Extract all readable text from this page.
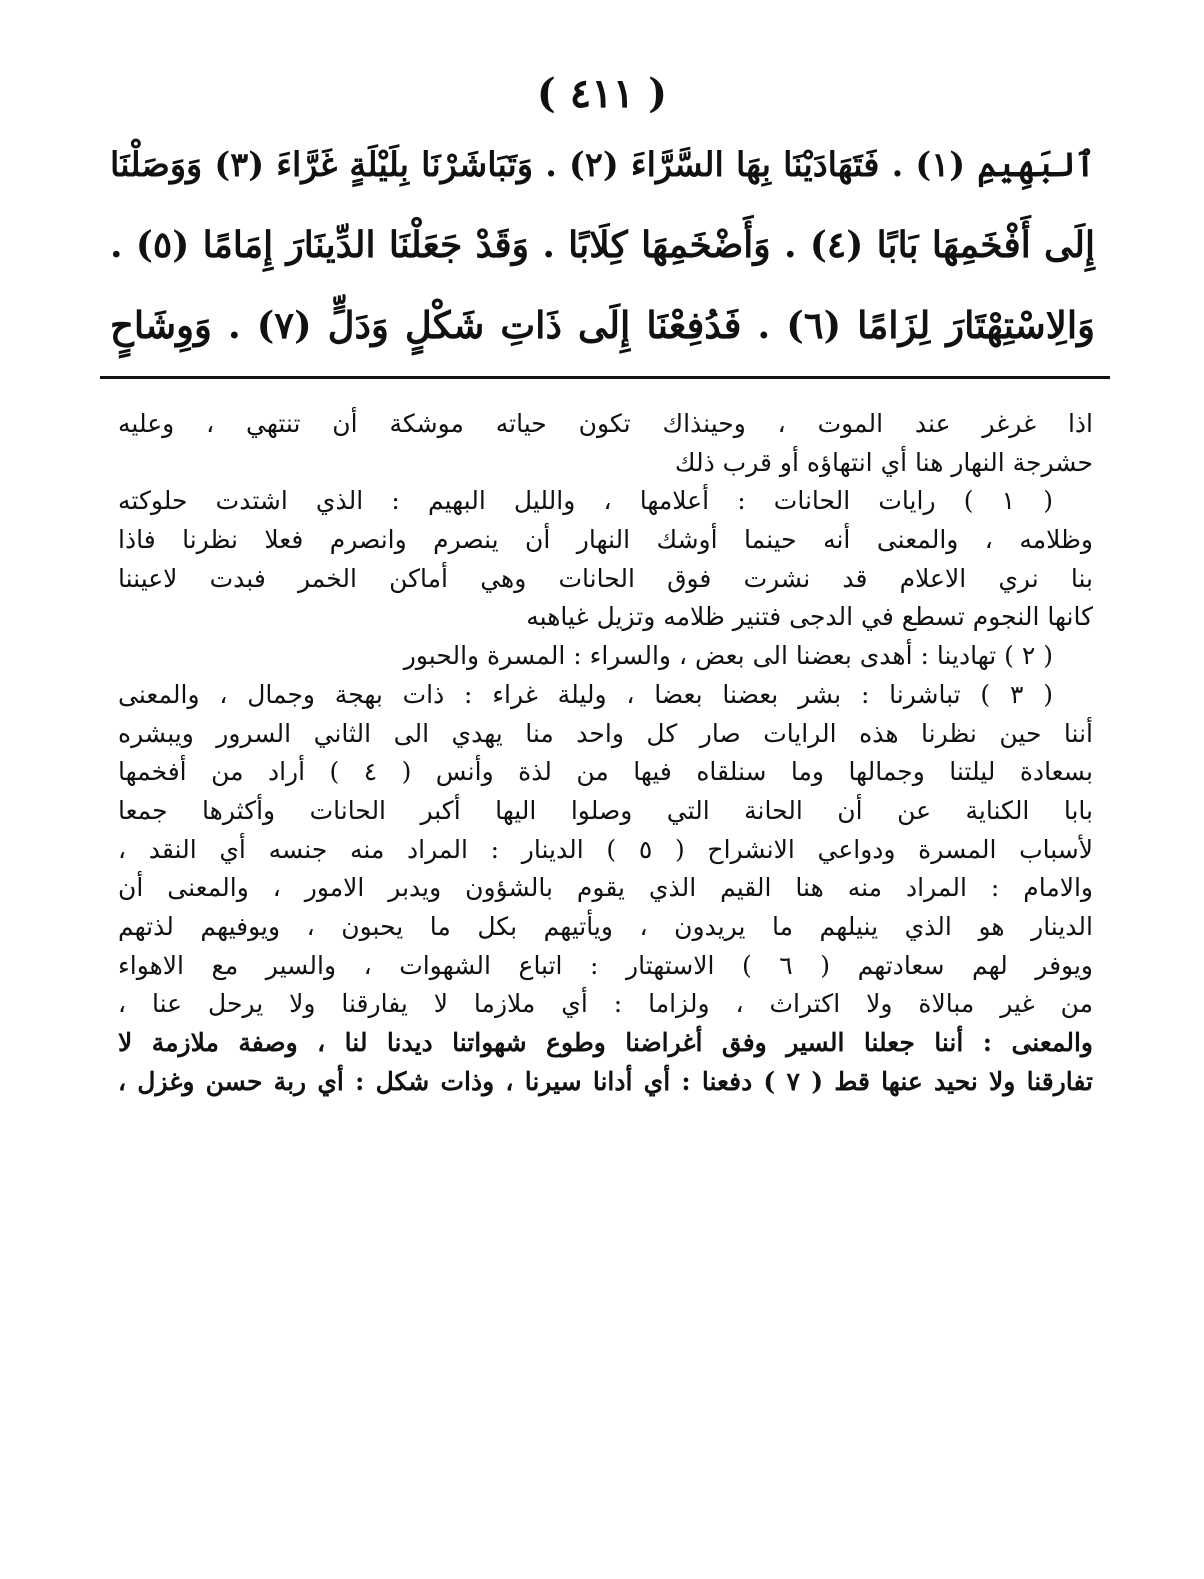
( ٤١١ )
ٱلبَهِيمِ (١) . فَتَهَادَيْنَا بِهَا السَّرَّاءَ (٢) . وَتَبَاشَرْنَا بِلَيْلَةٍ غَرَّاءَ (٣) وَوَصَلْنَا
إِلَى أَفْخَمِهَا بَابًا (٤) . وَأَضْخَمِهَا كِلَابًا . وَقَدْ جَعَلْنَا الدِّينَارَ إِمَامًا (٥) .
وَالِاسْتِهْتَارَ لِزَامًا (٦) . فَدُفِعْنَا إِلَى ذَاتِ شَكْلٍ وَدَلٍّ (٧) . وَوِشَاحٍ
اذا غرغر عند الموت ، وحينذاك تكون حياته موشكة أن تنتهي ، وعليه
حشرجة النهار هنا أي انتهاؤه أو قرب ذلك
( ١ ) رايات الحانات : أعلامها ، والليل البهيم : الذي اشتدت حلوكته
وظلامه ، والمعنى أنه حينما أوشك النهار أن ينصرم وانصرم فعلا نظرنا فاذا
بنا نري الاعلام قد نشرت فوق الحانات وهي أماكن الخمر فبدت لاعيننا
كانها النجوم تسطع في الدجى فتنير ظلامه وتزيل غياهبه
( ٢ ) تهادينا : أهدى بعضنا الى بعض ، والسراء : المسرة والحبور
( ٣ ) تباشرنا : بشر بعضنا بعضا ، وليلة غراء : ذات بهجة وجمال ، والمعنى
أننا حين نظرنا هذه الرايات صار كل واحد منا يهدي الى الثاني السرور ويبشره
بسعادة ليلتنا وجمالها وما سنلقاه فيها من لذة وأنس ( ٤ ) أراد من أفخمها
بابا الكناية عن أن الحانة التي وصلوا اليها أكبر الحانات وأكثرها جمعا
لأسباب المسرة ودواعي الانشراح ( ٥ ) الدينار : المراد منه جنسه أي النقد ،
والامام : المراد منه هنا القيم الذي يقوم بالشؤون ويدبر الامور ، والمعنى أن
الدينار هو الذي ينيلهم ما يريدون ، ويأتيهم بكل ما يحبون ، ويوفيهم لذتهم
ويوفر لهم سعادتهم ( ٦ ) الاستهتار : اتباع الشهوات ، والسير مع الاهواء
من غير مبالاة ولا اكتراث ، ولزاما : أي ملازما لا يفارقنا ولا يرحل عنا ،
والمعنى : أننا جعلنا السير وفق أغراضنا وطوع شهواتنا ديدنا لنا ، وصفة ملازمة لا
تفارقنا ولا نحيد عنها قط ( ٧ ) دفعنا : أي أدانا سيرنا ، وذات شكل : أي ربة حسن وغزل ،
